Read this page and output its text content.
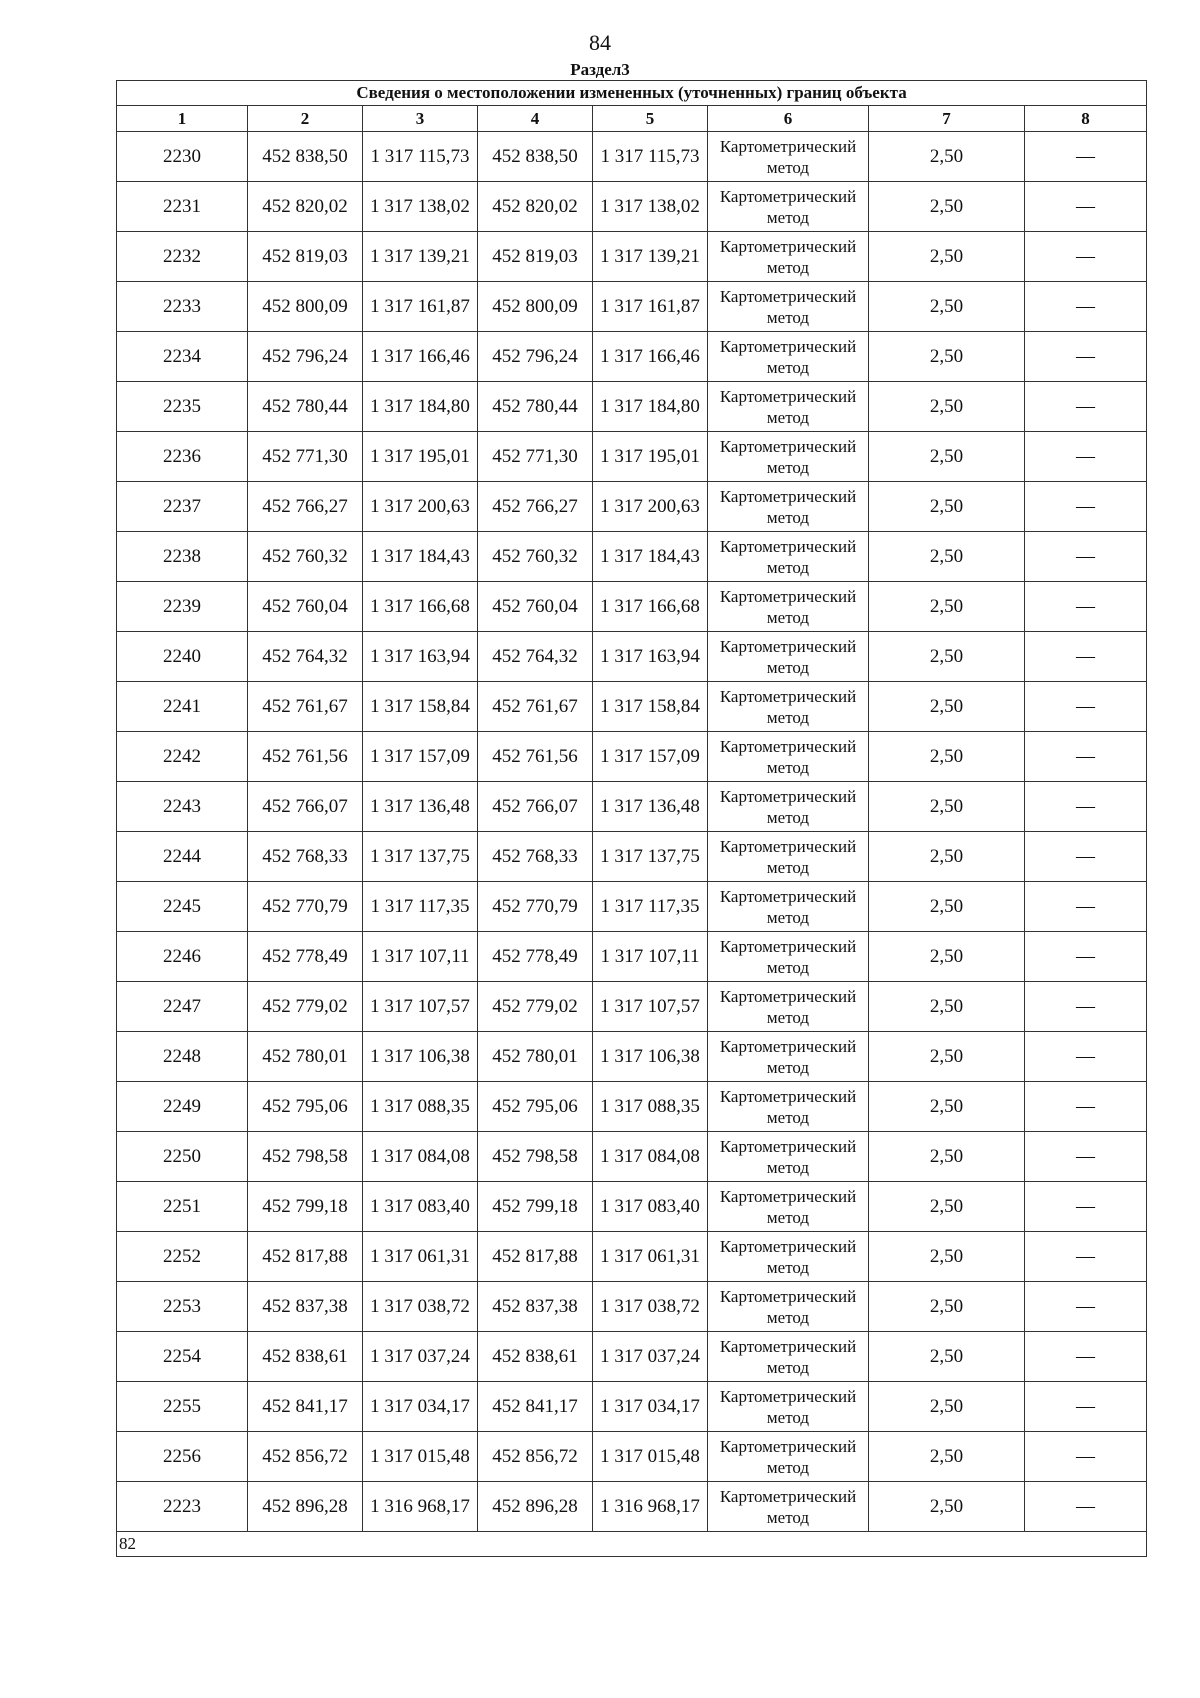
84
Раздел3
Сведения о местоположении измененных (уточненных) границ объекта							
1	2	3	4	5	6	7	8
2230	452 838,50	1 317 115,73	452 838,50	1 317 115,73	Картометрический метод	2,50	—
2231	452 820,02	1 317 138,02	452 820,02	1 317 138,02	Картометрический метод	2,50	—
2232	452 819,03	1 317 139,21	452 819,03	1 317 139,21	Картометрический метод	2,50	—
2233	452 800,09	1 317 161,87	452 800,09	1 317 161,87	Картометрический метод	2,50	—
2234	452 796,24	1 317 166,46	452 796,24	1 317 166,46	Картометрический метод	2,50	—
2235	452 780,44	1 317 184,80	452 780,44	1 317 184,80	Картометрический метод	2,50	—
2236	452 771,30	1 317 195,01	452 771,30	1 317 195,01	Картометрический метод	2,50	—
2237	452 766,27	1 317 200,63	452 766,27	1 317 200,63	Картометрический метод	2,50	—
2238	452 760,32	1 317 184,43	452 760,32	1 317 184,43	Картометрический метод	2,50	—
2239	452 760,04	1 317 166,68	452 760,04	1 317 166,68	Картометрический метод	2,50	—
2240	452 764,32	1 317 163,94	452 764,32	1 317 163,94	Картометрический метод	2,50	—
2241	452 761,67	1 317 158,84	452 761,67	1 317 158,84	Картометрический метод	2,50	—
2242	452 761,56	1 317 157,09	452 761,56	1 317 157,09	Картометрический метод	2,50	—
2243	452 766,07	1 317 136,48	452 766,07	1 317 136,48	Картометрический метод	2,50	—
2244	452 768,33	1 317 137,75	452 768,33	1 317 137,75	Картометрический метод	2,50	—
2245	452 770,79	1 317 117,35	452 770,79	1 317 117,35	Картометрический метод	2,50	—
2246	452 778,49	1 317 107,11	452 778,49	1 317 107,11	Картометрический метод	2,50	—
2247	452 779,02	1 317 107,57	452 779,02	1 317 107,57	Картометрический метод	2,50	—
2248	452 780,01	1 317 106,38	452 780,01	1 317 106,38	Картометрический метод	2,50	—
2249	452 795,06	1 317 088,35	452 795,06	1 317 088,35	Картометрический метод	2,50	—
2250	452 798,58	1 317 084,08	452 798,58	1 317 084,08	Картометрический метод	2,50	—
2251	452 799,18	1 317 083,40	452 799,18	1 317 083,40	Картометрический метод	2,50	—
2252	452 817,88	1 317 061,31	452 817,88	1 317 061,31	Картометрический метод	2,50	—
2253	452 837,38	1 317 038,72	452 837,38	1 317 038,72	Картометрический метод	2,50	—
2254	452 838,61	1 317 037,24	452 838,61	1 317 037,24	Картометрический метод	2,50	—
2255	452 841,17	1 317 034,17	452 841,17	1 317 034,17	Картометрический метод	2,50	—
2256	452 856,72	1 317 015,48	452 856,72	1 317 015,48	Картометрический метод	2,50	—
2223	452 896,28	1 316 968,17	452 896,28	1 316 968,17	Картометрический метод	2,50	—
82							
